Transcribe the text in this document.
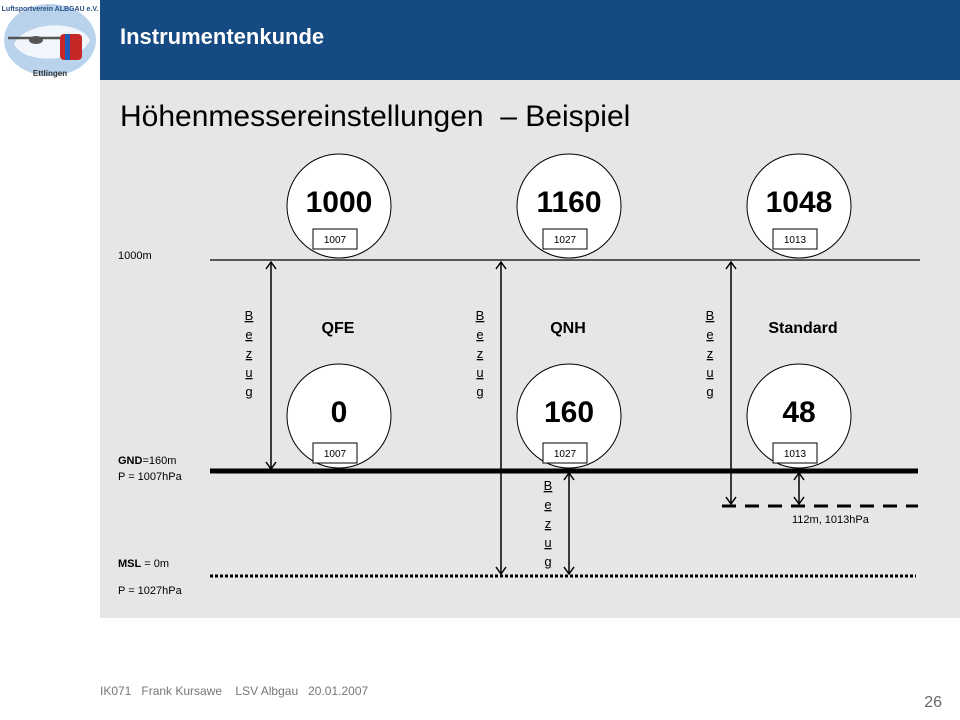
Luftsportverein ALBGAU e.V.
Ettlingen
Instrumentenkunde
Höhenmessereinstellungen  – Beispiel
1000m
GND=160m
P = 1007hPa
MSL = 0m
P = 1027hPa
112m, 1013hPa
1000
1007
1160
1027
1048
1013
0
1007
160
1027
48
1013
QFE	QNH	Standard
B e z u g
B e z u g
B e z u g
B e z u g
IK071   Frank Kursawe    LSV Albgau   20.01.2007
26
